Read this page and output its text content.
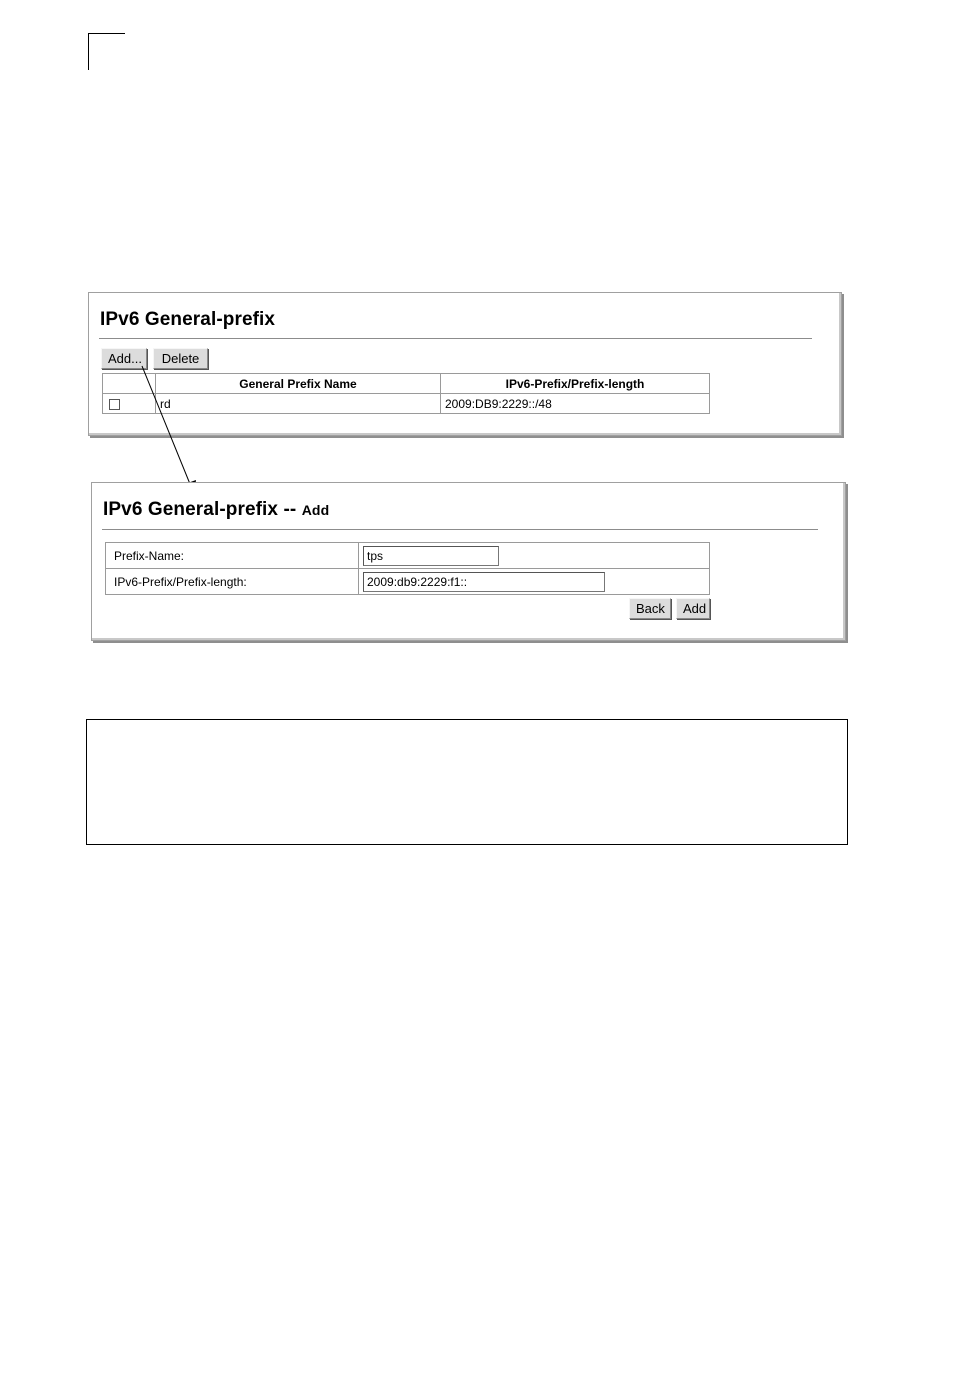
IPv6 General-prefix
Add...	Delete
	General Prefix Name	IPv6-Prefix/Prefix-length
	rd	2009:DB9:2229::/48
IPv6 General-prefix -- Add
Prefix-Name:	tps
IPv6-Prefix/Prefix-length:	2009:db9:2229:f1::
Back	Add
